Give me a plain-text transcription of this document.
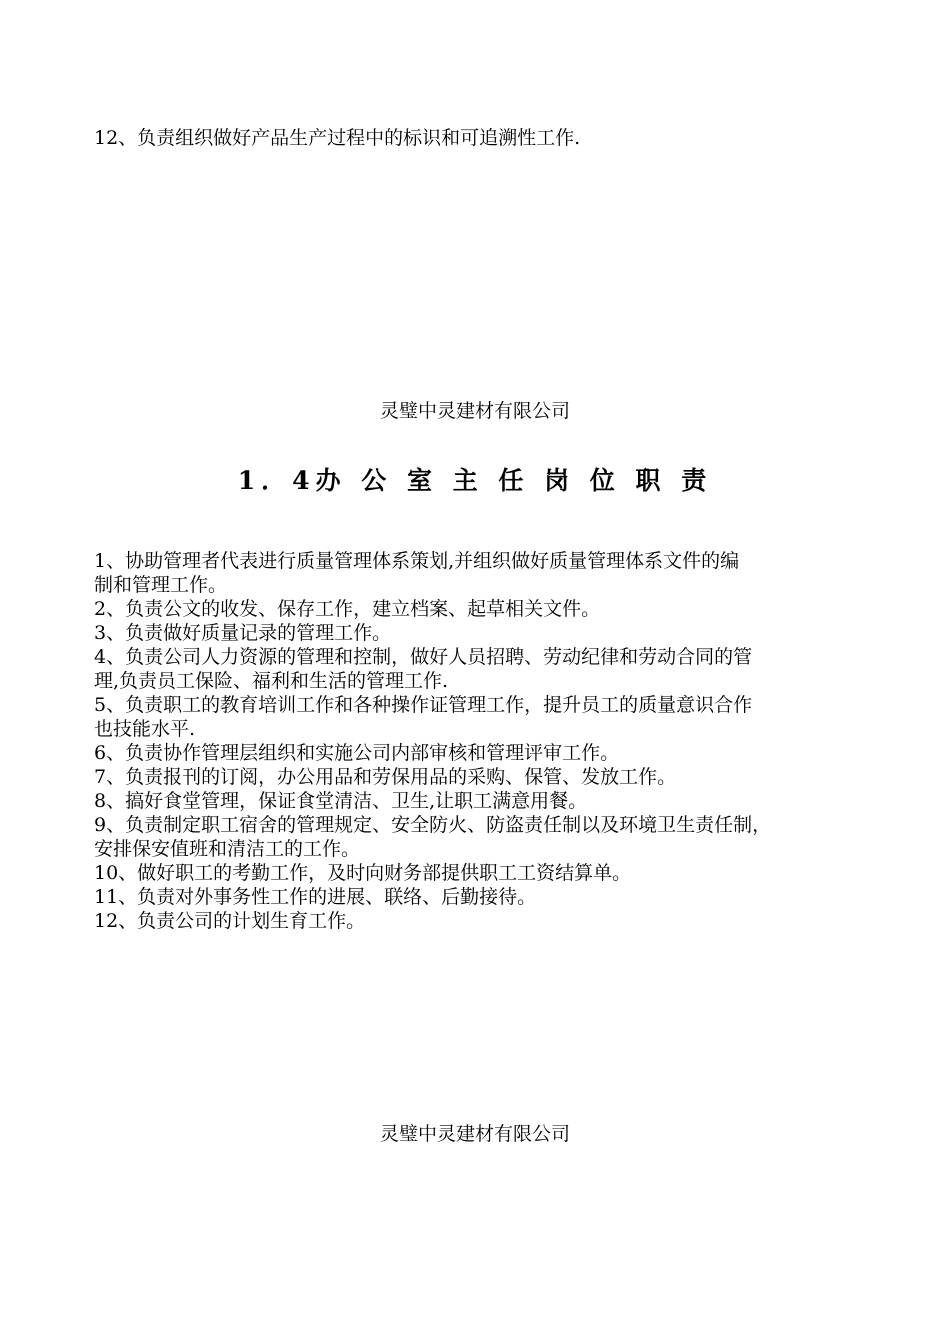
12、负责组织做好产品生产过程中的标识和可追溯性工作.
灵璧中灵建材有限公司
1．4办 公 室 主 任 岗 位 职 责
1、协助管理者代表进行质量管理体系策划,并组织做好质量管理体系文件的编
制和管理工作。
2、负责公文的收发、保存工作，建立档案、起草相关文件。
3、负责做好质量记录的管理工作。
4、负责公司人力资源的管理和控制，做好人员招聘、劳动纪律和劳动合同的管
理,负责员工保险、福利和生活的管理工作.
5、负责职工的教育培训工作和各种操作证管理工作，提升员工的质量意识合作
也技能水平.
6、负责协作管理层组织和实施公司内部审核和管理评审工作。
7、负责报刊的订阅，办公用品和劳保用品的采购、保管、发放工作。
8、搞好食堂管理，保证食堂清洁、卫生,让职工满意用餐。
9、负责制定职工宿舍的管理规定、安全防火、防盗责任制以及环境卫生责任制，
安排保安值班和清洁工的工作。
10、做好职工的考勤工作，及时向财务部提供职工工资结算单。
11、负责对外事务性工作的进展、联络、后勤接待。
12、负责公司的计划生育工作。
灵璧中灵建材有限公司
